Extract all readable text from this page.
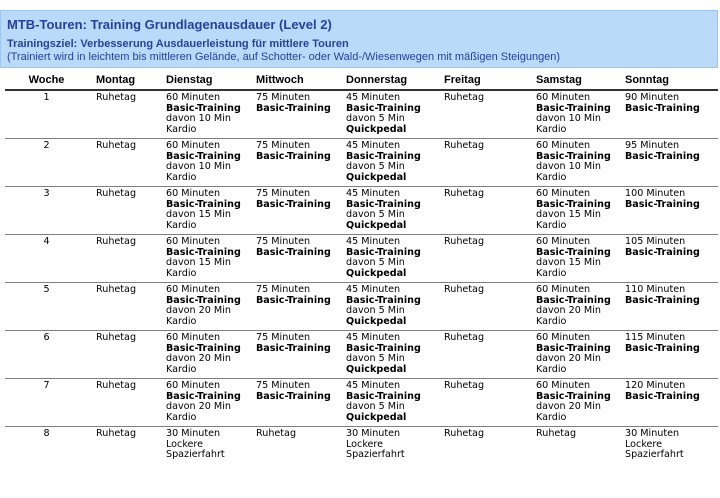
MTB-Touren: Training Grundlagenausdauer (Level 2)
Trainingsziel: Verbesserung Ausdauerleistung für mittlere Touren
(Trainiert wird in leichtem bis mittleren Gelände, auf Schotter- oder Wald-/Wiesenwegen mit mäßigen Steigungen)
Woche	Montag	Dienstag	Mittwoch	Donnerstag	Freitag	Samstag	Sonntag
1	Ruhetag	60 Minuten
Basic-Training
davon 10 Min
Kardio	75 Minuten
Basic-Training	45 Minuten
Basic-Training
davon 5 Min
Quickpedal	Ruhetag	60 Minuten
Basic-Training
davon 10 Min
Kardio	90 Minuten
Basic-Training

2	Ruhetag	60 Minuten
Basic-Training
davon 10 Min
Kardio	75 Minuten
Basic-Training	45 Minuten
Basic-Training
davon 5 Min
Quickpedal	Ruhetag	60 Minuten
Basic-Training
davon 10 Min
Kardio	95 Minuten
Basic-Training

3	Ruhetag	60 Minuten
Basic-Training
davon 15 Min
Kardio	75 Minuten
Basic-Training	45 Minuten
Basic-Training
davon 5 Min
Quickpedal	Ruhetag	60 Minuten
Basic-Training
davon 15 Min
Kardio	100 Minuten
Basic-Training

4	Ruhetag	60 Minuten
Basic-Training
davon 15 Min
Kardio	75 Minuten
Basic-Training	45 Minuten
Basic-Training
davon 5 Min
Quickpedal	Ruhetag	60 Minuten
Basic-Training
davon 15 Min
Kardio	105 Minuten
Basic-Training

5	Ruhetag	60 Minuten
Basic-Training
davon 20 Min
Kardio	75 Minuten
Basic-Training	45 Minuten
Basic-Training
davon 5 Min
Quickpedal	Ruhetag	60 Minuten
Basic-Training
davon 20 Min
Kardio	110 Minuten
Basic-Training

6	Ruhetag	60 Minuten
Basic-Training
davon 20 Min
Kardio	75 Minuten
Basic-Training	45 Minuten
Basic-Training
davon 5 Min
Quickpedal	Ruhetag	60 Minuten
Basic-Training
davon 20 Min
Kardio	115 Minuten
Basic-Training

7	Ruhetag	60 Minuten
Basic-Training
davon 20 Min
Kardio	75 Minuten
Basic-Training	45 Minuten
Basic-Training
davon 5 Min
Quickpedal	Ruhetag	60 Minuten
Basic-Training
davon 20 Min
Kardio	120 Minuten
Basic-Training

8	Ruhetag	30 Minuten
Lockere
Spazierfahrt	Ruhetag	30 Minuten
Lockere
Spazierfahrt	Ruhetag	Ruhetag	30 Minuten
Lockere
Spazierfahrt
